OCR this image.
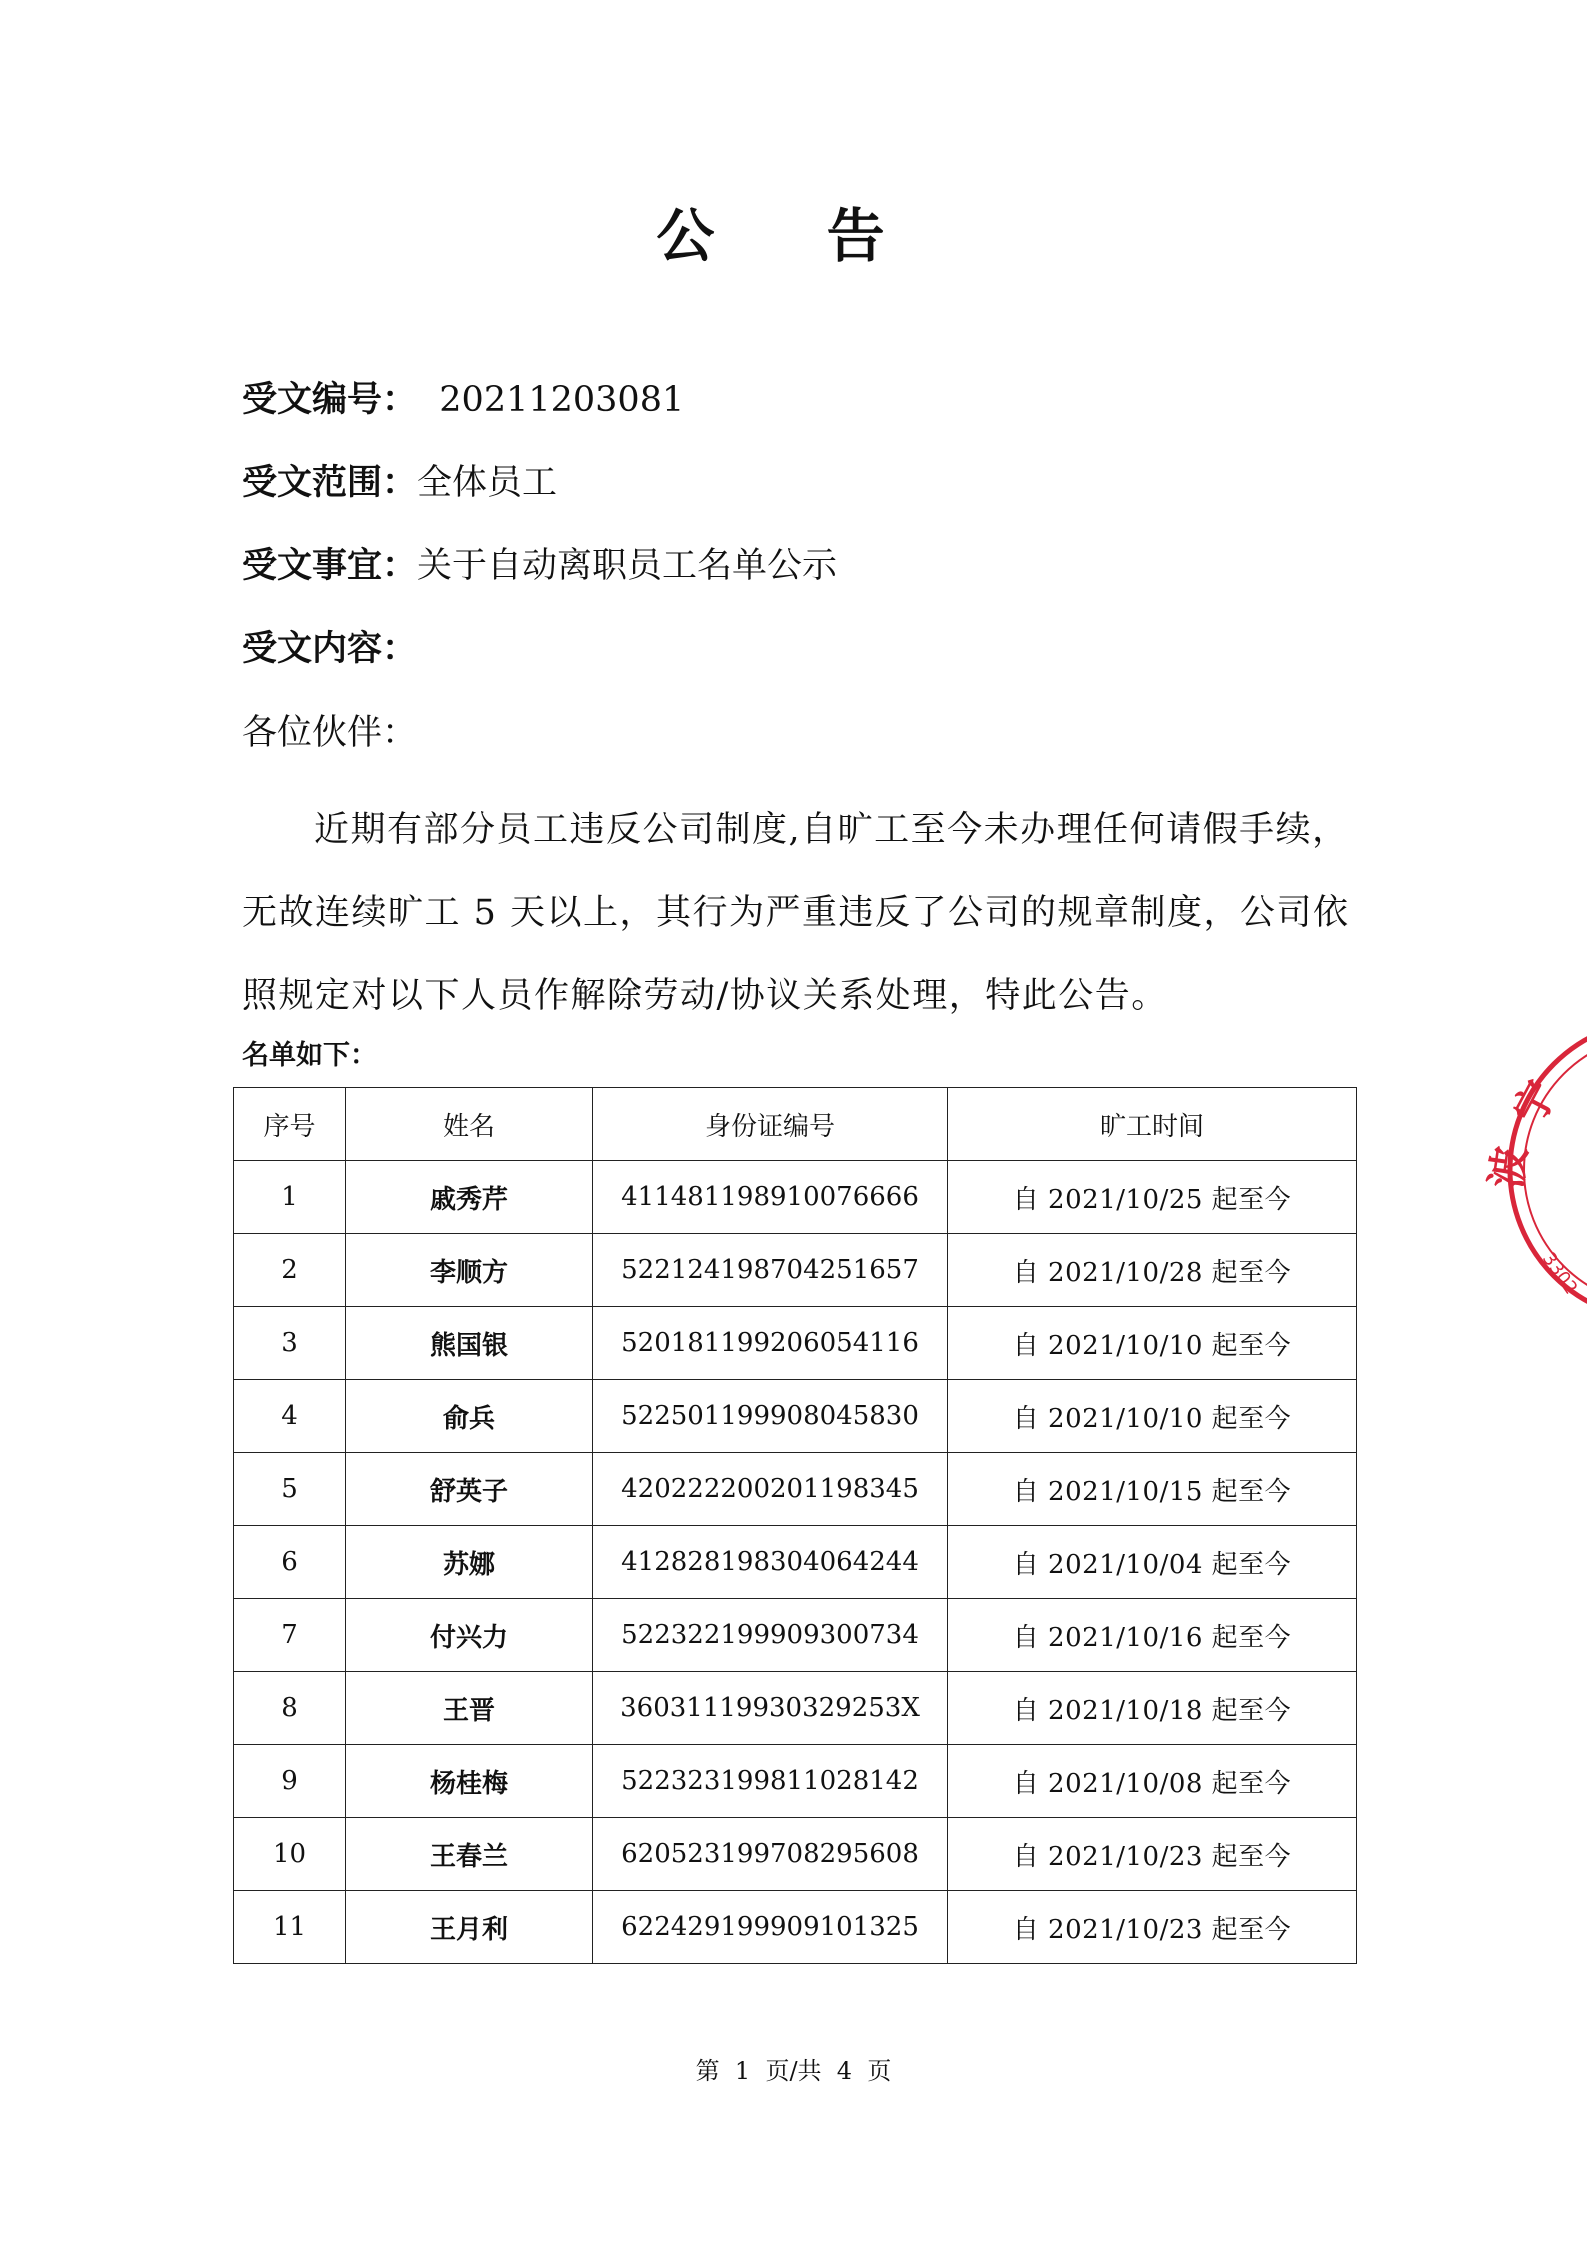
公 告
受文编号： 20211203081
受文范围：全体员工
受文事宜：关于自动离职员工名单公示
受文内容：
各位伙伴：

近期有部分员工违反公司制度,自旷工至今未办理任何请假手续，无故连续旷工 5 天以上，其行为严重违反了公司的规章制度，公司依照规定对以下人员作解除劳动/协议关系处理，特此公告。

名单如下：
序号	姓名	身份证编号	旷工时间
1	戚秀芹	411481198910076666	自 2021/10/25 起至今
2	李顺方	522124198704251657	自 2021/10/28 起至今
3	熊国银	520181199206054116	自 2021/10/10 起至今
4	俞兵	522501199908045830	自 2021/10/10 起至今
5	舒英子	420222200201198345	自 2021/10/15 起至今
6	苏娜	412828198304064244	自 2021/10/04 起至今
7	付兴力	522322199909300734	自 2021/10/16 起至今
8	王晋	36031119930329253X	自 2021/10/18 起至今
9	杨桂梅	522323199811028142	自 2021/10/08 起至今
10	王春兰	620523199708295608	自 2021/10/23 起至今
11	王月利	622429199909101325	自 2021/10/23 起至今
第  1  页/共  4  页
宁
波
3302
